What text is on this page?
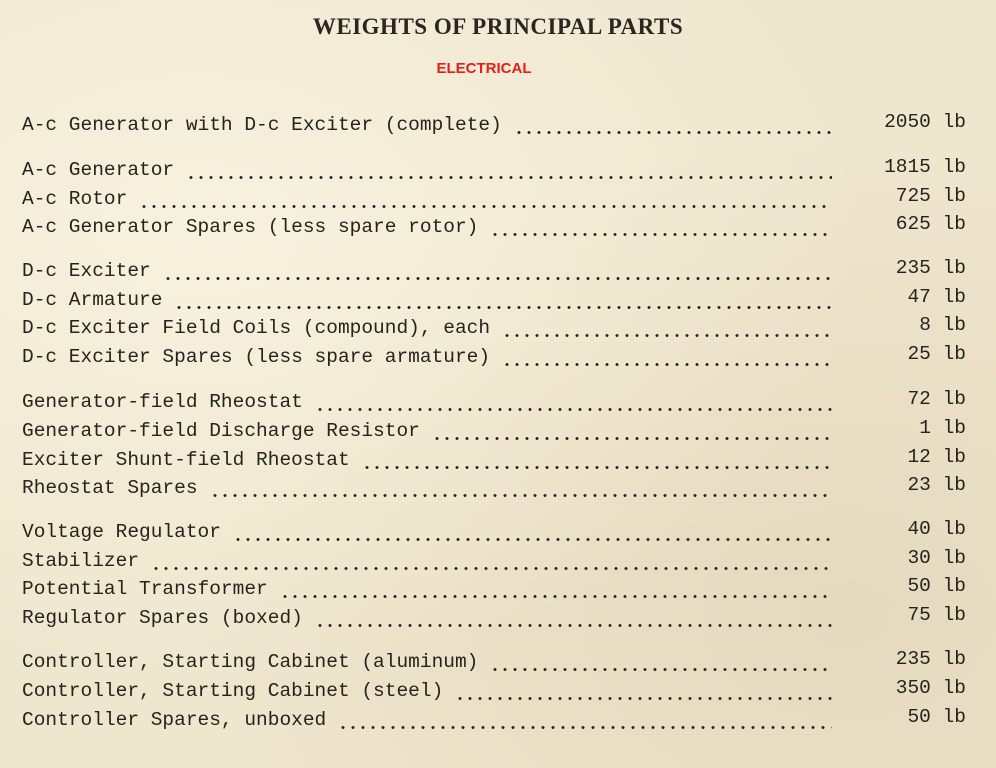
WEIGHTS OF PRINCIPAL PARTS
ELECTRICAL
A-c Generator with D-c Exciter (complete)	2050 lb
A-c Generator	1815 lb
A-c Rotor	725 lb
A-c Generator Spares (less spare rotor)	625 lb
D-c Exciter	235 lb
D-c Armature	47 lb
D-c Exciter Field Coils (compound), each	8 lb
D-c Exciter Spares (less spare armature)	25 lb
Generator-field Rheostat	72 lb
Generator-field Discharge Resistor	1 lb
Exciter Shunt-field Rheostat	12 lb
Rheostat Spares	23 lb
Voltage Regulator	40 lb
Stabilizer	30 lb
Potential Transformer	50 lb
Regulator Spares (boxed)	75 lb
Controller, Starting Cabinet (aluminum)	235 lb
Controller, Starting Cabinet (steel)	350 lb
Controller Spares, unboxed	50 lb
